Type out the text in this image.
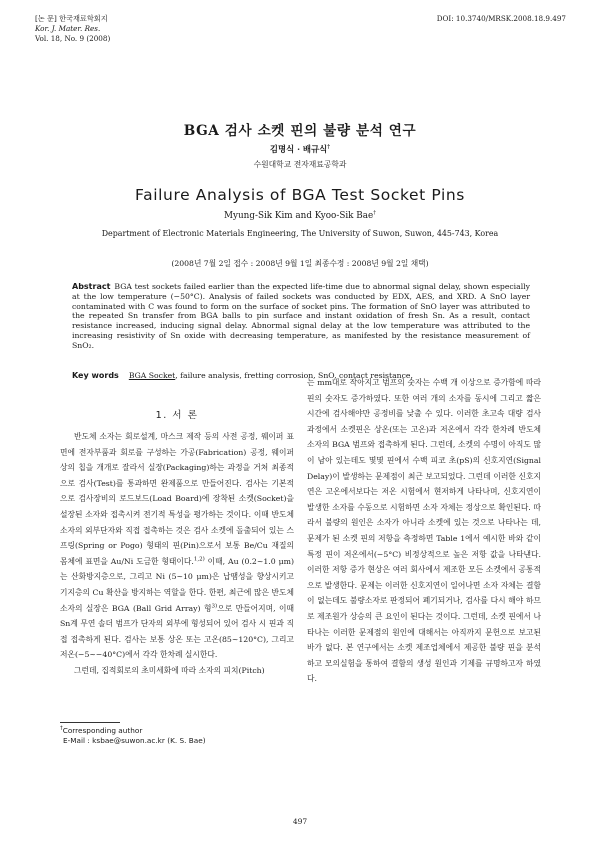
[논 문] 한국재료학회지
Kor. J. Mater. Res.
Vol. 18, No. 9 (2008)
DOI: 10.3740/MRSK.2008.18.9.497
BGA 검사 소켓 핀의 불량 분석 연구
김명식 · 배규식†
수원대학교 전자재료공학과
Failure Analysis of BGA Test Socket Pins
Myung-Sik Kim and Kyoo-Sik Bae†
Department of Electronic Materials Engineering, The University of Suwon, Suwon, 445-743, Korea
(2008년 7월 2일 접수 : 2008년 9월 1일 최종수정 : 2008년 9월 2일 채택)
Abstract BGA test sockets failed earlier than the expected life-time due to abnormal signal delay, shown especially at the low temperature (−50°C). Analysis of failed sockets was conducted by EDX, AES, and XRD. A SnO layer contaminated with C was found to form on the surface of socket pins. The formation of SnO layer was attributed to the repeated Sn transfer from BGA balls to pin surface and instant oxidation of fresh Sn. As a result, contact resistance increased, inducing signal delay. Abnormal signal delay at the low temperature was attributed to the increasing resistivity of Sn oxide with decreasing temperature, as manifested by the resistance measurement of SnO₂.
Key words BGA Socket, failure analysis, fretting corrosion, SnO, contact resistance.
1. 서 론

반도체 소자는 회로설계, 마스크 제작 등의 사전 공정, 웨이퍼 표면에 전자부품과 회로를 구성하는 가공(Fabrication) 공정, 웨이퍼 상의 칩을 개개로 잘라서 실장(Packaging)하는 과정을 거쳐 최종적으로 검사(Test)를 통과하면 완제품으로 만들어진다. 검사는 기본적으로 검사장비의 로드보드(Load Board)에 장착된 소켓(Socket)을 설장된 소자와 접촉시켜 전기적 특성을 평가하는 것이다. 이때 반도체 소자의 외부단자와 직접 접촉하는 것은 검사 소켓에 돌출되어 있는 스프링(Spring or Pogo) 형태의 핀(Pin)으로서 보통 Be/Cu 재질의 몸체에 표면을 Au/Ni 도금한 형태이다.$^{1,2)}$ 이때, Au (0.2~1.0 μm)는 산화방지층으로, 그리고 Ni (5~10 μm)은 납땜성을 향상시키고 기지층의 Cu 확산을 방지하는 역할을 한다. 한편, 최근에 많은 반도체 소자의 실장은 BGA (Ball Grid Array) 형$^{3)}$으로 만들어지며, 이때 Sn계 무연 솔더 범프가 단자의 외부에 형성되어 있어 검사 시 핀과 직접 접촉하게 된다. 검사는 보통 상온 또는 고온(85~120°C), 그리고 저온(−5~−40°C)에서 각각 한차례 실시한다.

그런데, 집적회로의 초미세화에 따라 소자의 피치(Pitch)

는 mm대로 작아지고 범프의 숫자는 수백 개 이상으로 증가함에 따라 핀의 숫자도 증가하였다. 또한 여러 개의 소자를 동시에 그리고 짧은 시간에 검사해야만 공정비를 낮출 수 있다. 이러한 초고속 대량 검사 과정에서 소켓핀은 상온(또는 고온)과 저온에서 각각 한차례 반도체 소자의 BGA 범프와 접촉하게 된다. 그런데, 소켓의 수명이 아직도 많이 남아 있는데도 몇몇 핀에서 수백 피코 초(pS)의 신호지연(Signal Delay)이 발생하는 문제점이 최근 보고되었다. 그런데 이러한 신호지연은 고온에서보다는 저온 시험에서 현저하게 나타나며, 신호지연이 발생한 소자를 수동으로 시험하면 소자 자체는 정상으로 확인된다. 따라서 불량의 원인은 소자가 아니라 소켓에 있는 것으로 나타나는 데, 문제가 된 소켓 핀의 저항을 측정하면 Table 1에서 예시한 바와 같이 특정 핀이 저온에서(−5°C) 비정상적으로 높은 저항 값을 나타낸다. 이러한 저항 증가 현상은 여러 회사에서 제조한 모든 소켓에서 공통적으로 발생한다. 문제는 이러한 신호지연이 일어나면 소자 자체는 결함이 없는데도 불량소자로 판정되어 폐기되거나, 검사를 다시 해야 하므로 제조원가 상승의 큰 요인이 된다는 것이다. 그런데, 소켓 핀에서 나타나는 이러한 문제점의 원인에 대해서는 아직까지 문헌으로 보고된 바가 없다. 본 연구에서는 소켓 제조업체에서 제공한 불량 핀을 분석하고 모의실험을 통하여 결함의 생성 원인과 기제를 규명하고자 하였다.

†Corresponding author
E-Mail : ksbae@suwon.ac.kr (K. S. Bae)
497
